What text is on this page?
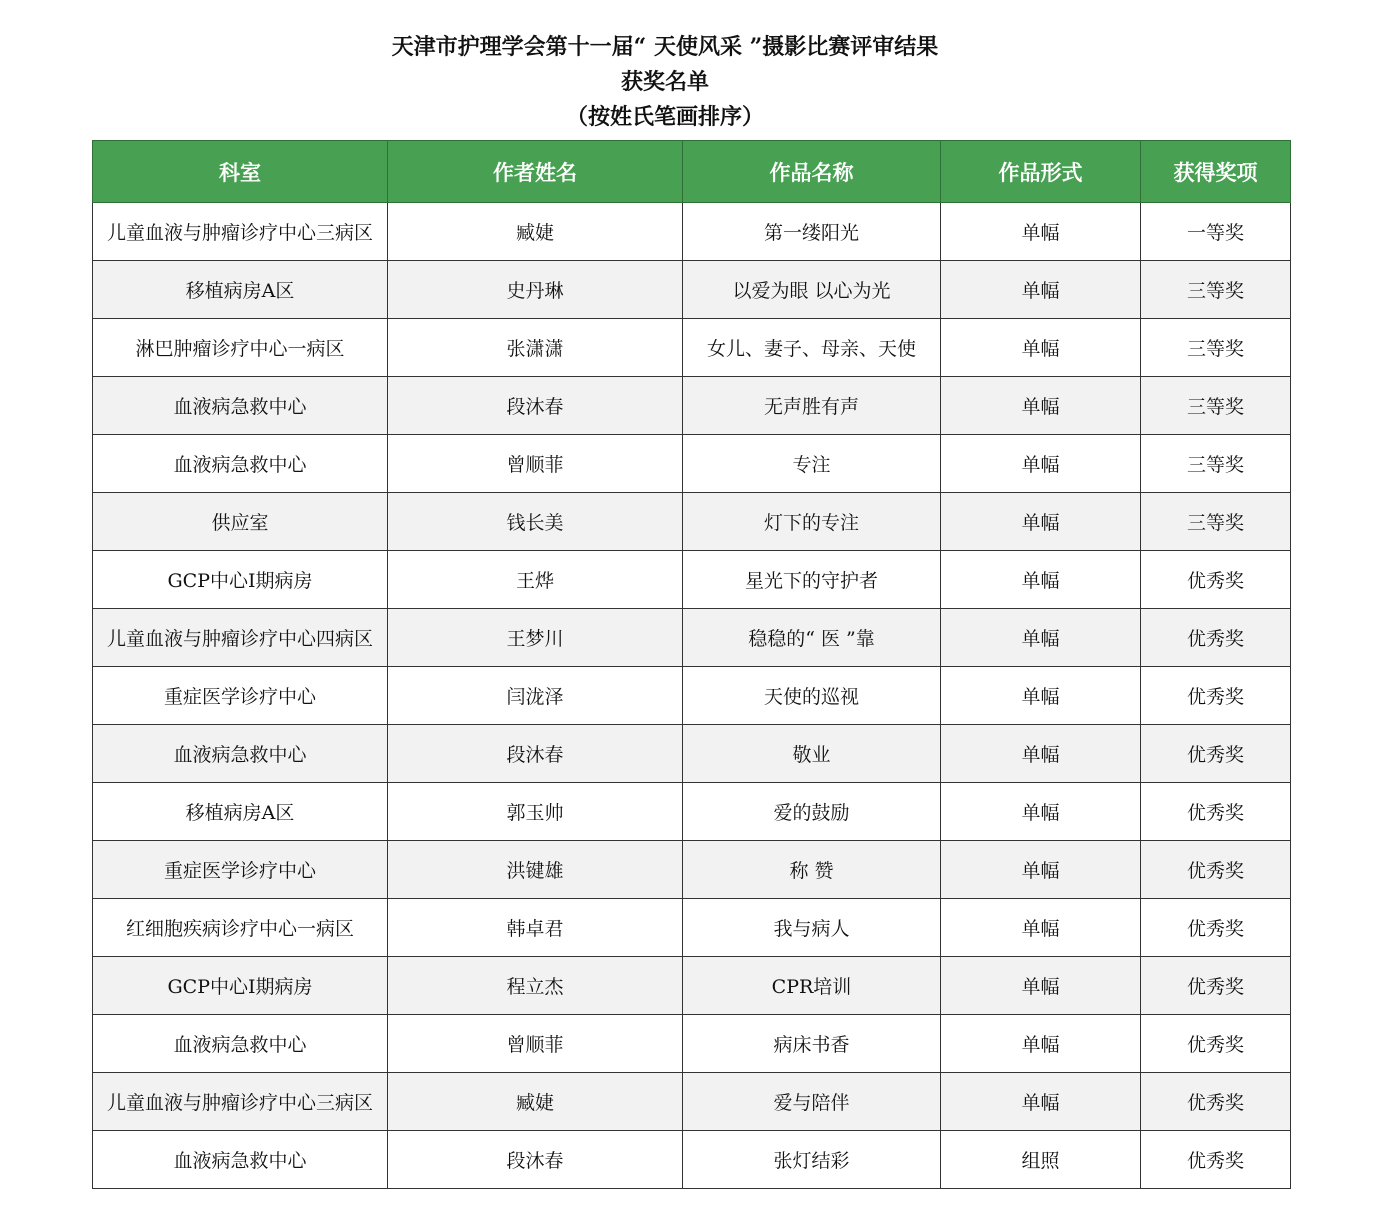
天津市护理学会第十一届“ 天使风采 ”摄影比赛评审结果
获奖名单
（按姓氏笔画排序）
科室	作者姓名	作品名称	作品形式	获得奖项
儿童血液与肿瘤诊疗中心三病区	臧婕	第一缕阳光	单幅	一等奖
移植病房A区	史丹琳	以爱为眼 以心为光	单幅	三等奖
淋巴肿瘤诊疗中心一病区	张潇潇	女儿、妻子、母亲、天使	单幅	三等奖
血液病急救中心	段沐春	无声胜有声	单幅	三等奖
血液病急救中心	曾顺菲	专注	单幅	三等奖
供应室	钱长美	灯下的专注	单幅	三等奖
GCP中心I期病房	王烨	星光下的守护者	单幅	优秀奖
儿童血液与肿瘤诊疗中心四病区	王梦川	稳稳的“ 医 ”靠	单幅	优秀奖
重症医学诊疗中心	闫泷泽	天使的巡视	单幅	优秀奖
血液病急救中心	段沐春	敬业	单幅	优秀奖
移植病房A区	郭玉帅	爱的鼓励	单幅	优秀奖
重症医学诊疗中心	洪键雄	称 赞	单幅	优秀奖
红细胞疾病诊疗中心一病区	韩卓君	我与病人	单幅	优秀奖
GCP中心I期病房	程立杰	CPR培训	单幅	优秀奖
血液病急救中心	曾顺菲	病床书香	单幅	优秀奖
儿童血液与肿瘤诊疗中心三病区	臧婕	爱与陪伴	单幅	优秀奖
血液病急救中心	段沐春	张灯结彩	组照	优秀奖
